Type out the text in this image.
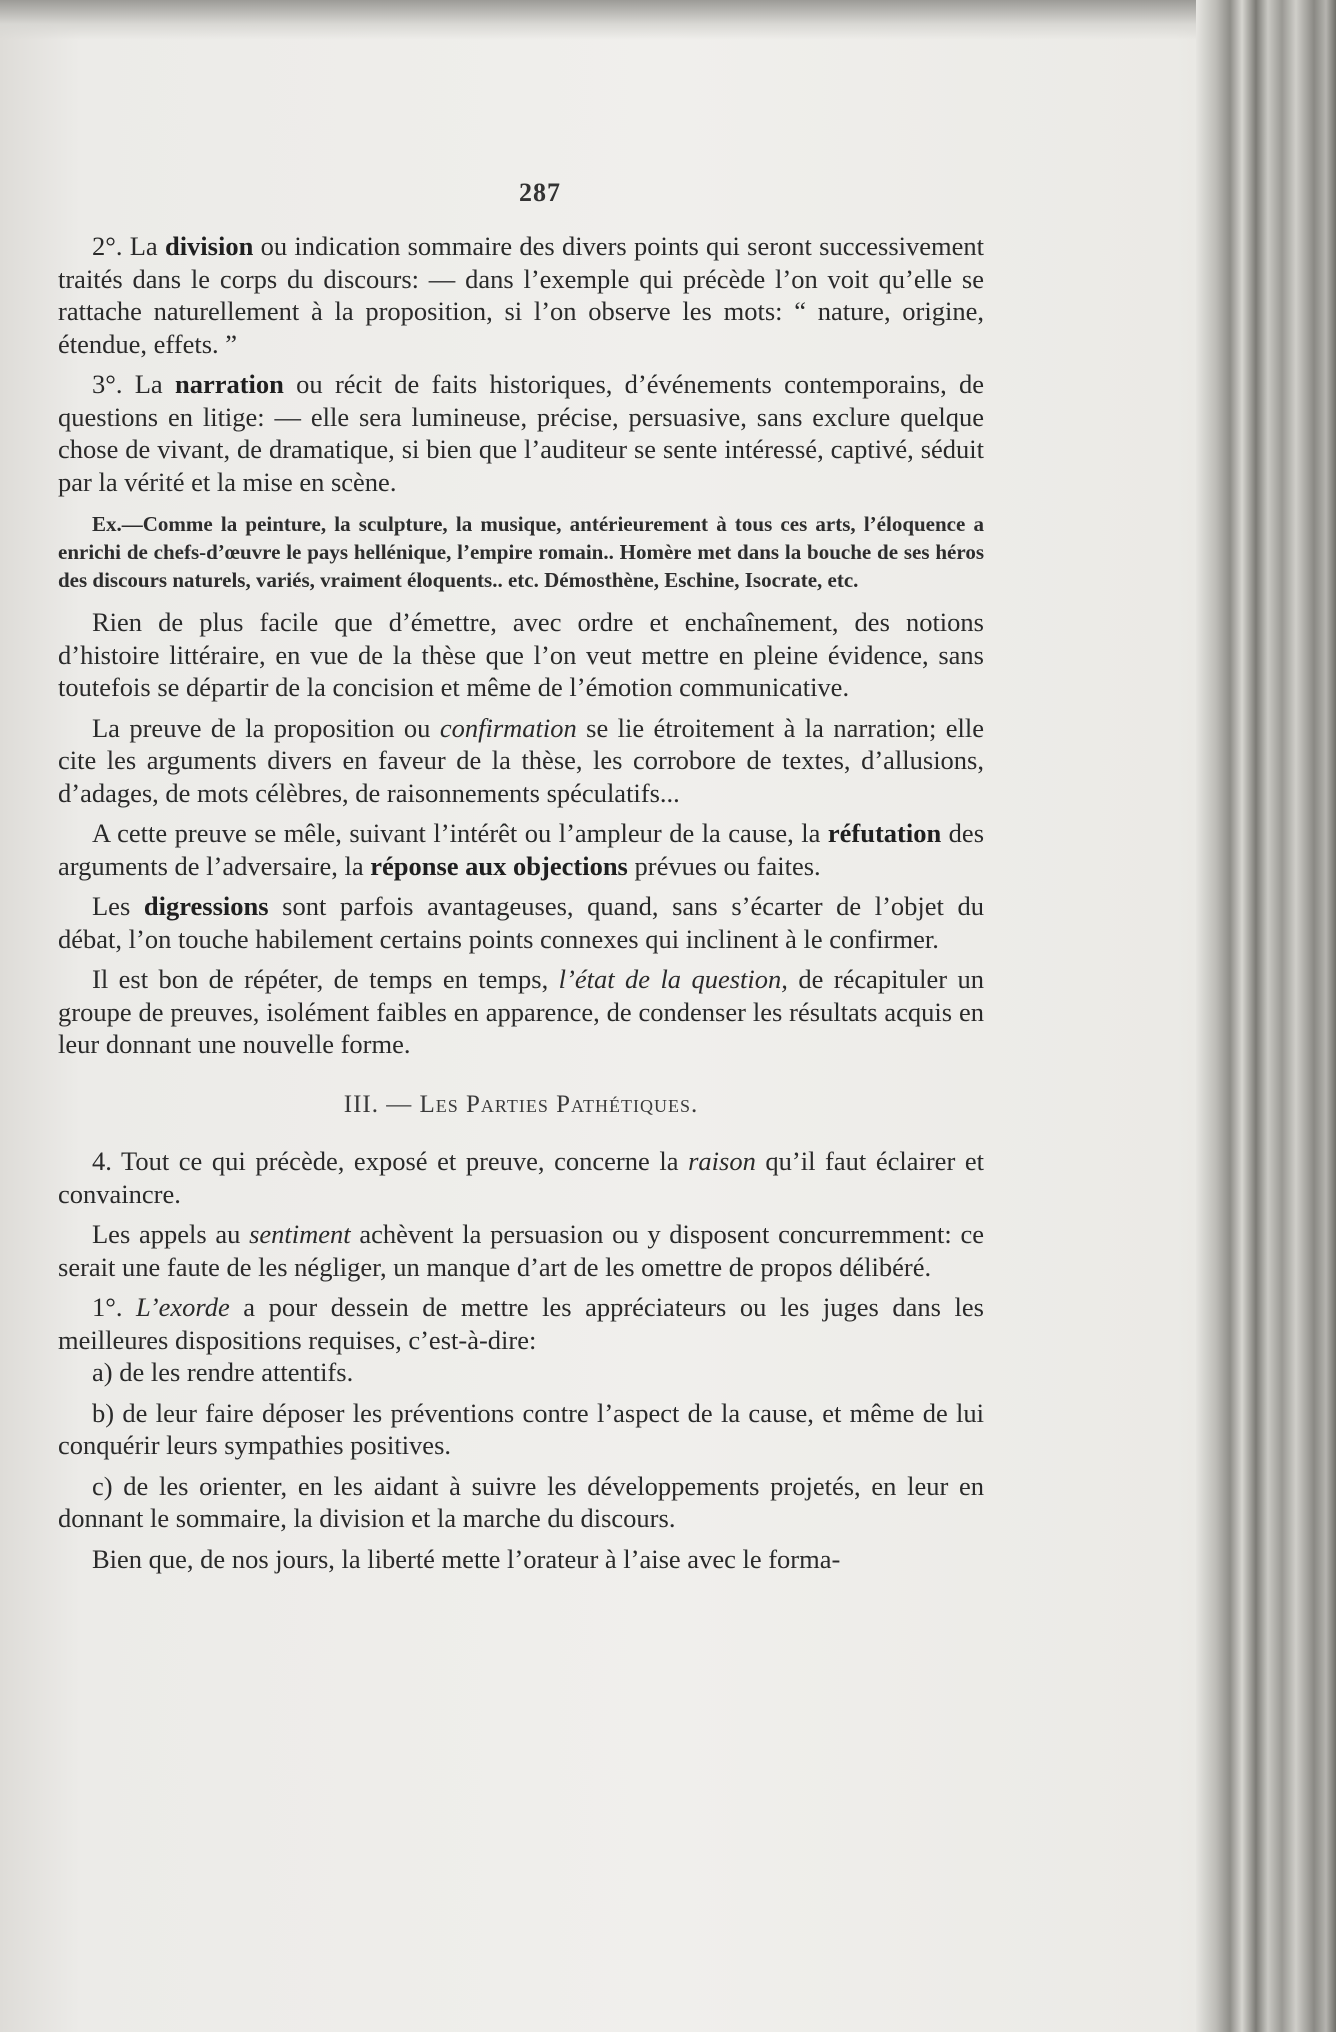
287

2°. La division ou indication sommaire des divers points qui seront successivement traités dans le corps du discours: — dans l’exemple qui précède l’on voit qu’elle se rattache naturellement à la proposition, si l’on observe les mots: “ nature, origine, étendue, effets. ”

3°. La narration ou récit de faits historiques, d’événements contemporains, de questions en litige: — elle sera lumineuse, précise, persuasive, sans exclure quelque chose de vivant, de dramatique, si bien que l’auditeur se sente intéressé, captivé, séduit par la vérité et la mise en scène.

Ex.—Comme la peinture, la sculpture, la musique, antérieurement à tous ces arts, l’éloquence a enrichi de chefs-d’œuvre le pays hellénique, l’empire romain.. Homère met dans la bouche de ses héros des discours naturels, variés, vraiment éloquents.. etc. Démosthène, Eschine, Isocrate, etc.

Rien de plus facile que d’émettre, avec ordre et enchaînement, des notions d’histoire littéraire, en vue de la thèse que l’on veut mettre en pleine évidence, sans toutefois se départir de la concision et même de l’émotion communicative.

La preuve de la proposition ou confirmation se lie étroitement à la narration; elle cite les arguments divers en faveur de la thèse, les corrobore de textes, d’allusions, d’adages, de mots célèbres, de raisonnements spéculatifs...

A cette preuve se mêle, suivant l’intérêt ou l’ampleur de la cause, la réfutation des arguments de l’adversaire, la réponse aux objections prévues ou faites.

Les digressions sont parfois avantageuses, quand, sans s’écarter de l’objet du débat, l’on touche habilement certains points connexes qui inclinent à le confirmer.

Il est bon de répéter, de temps en temps, l’état de la question, de récapituler un groupe de preuves, isolément faibles en apparence, de condenser les résultats acquis en leur donnant une nouvelle forme.

III. — Les Parties Pathétiques.

4. Tout ce qui précède, exposé et preuve, concerne la raison qu’il faut éclairer et convaincre.

Les appels au sentiment achèvent la persuasion ou y disposent concurremment: ce serait une faute de les négliger, un manque d’art de les omettre de propos délibéré.

1°. L’exorde a pour dessein de mettre les appréciateurs ou les juges dans les meilleures dispositions requises, c’est-à-dire:

a) de les rendre attentifs.

b) de leur faire déposer les préventions contre l’aspect de la cause, et même de lui conquérir leurs sympathies positives.

c) de les orienter, en les aidant à suivre les développements projetés, en leur en donnant le sommaire, la division et la marche du discours.

Bien que, de nos jours, la liberté mette l’orateur à l’aise avec le forma-
